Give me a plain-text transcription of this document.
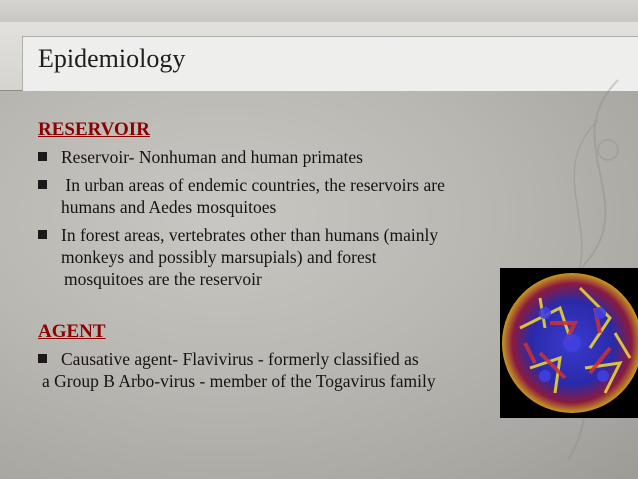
Epidemiology
RESERVOIR
Reservoir- Nonhuman and human primates
In urban areas of endemic countries, the reservoirs are
humans and Aedes mosquitoes
In forest areas, vertebrates other than humans (mainly
monkeys and possibly marsupials) and forest
mosquitoes are the reservoir
AGENT
Causative agent- Flavivirus - formerly classified as
a Group B Arbo-virus - member of the Togavirus family
